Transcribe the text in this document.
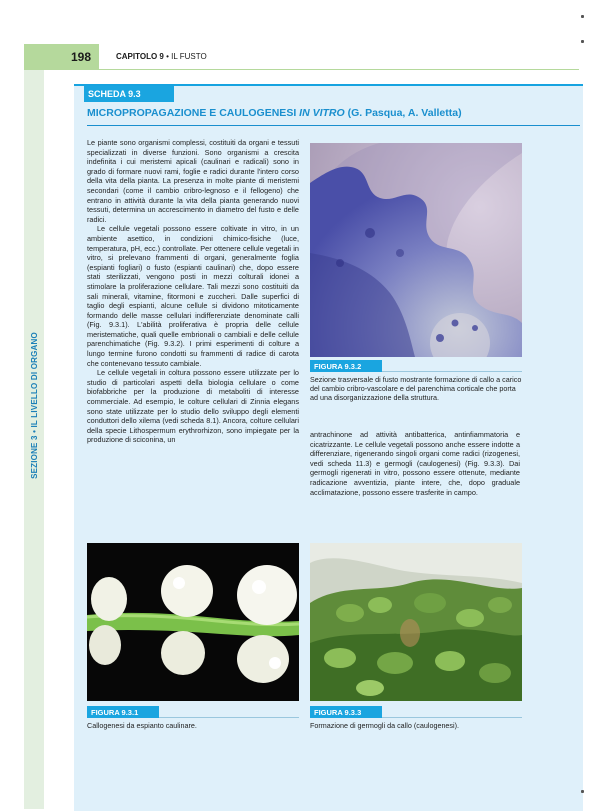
SEZIONE 3 • IL LIVELLO DI ORGANO
198	CAPITOLO 9 • IL FUSTO
SCHEDA 9.3
MICROPROPAGAZIONE E CAULOGENESI IN VITRO (G. Pasqua, A. Valletta)

Le piante sono organismi complessi, costituiti da organi e tessuti specializzati in diverse funzioni. Sono organismi a crescita indefinita i cui meristemi apicali (caulinari e radicali) sono in grado di formare nuovi rami, foglie e radici durante l'intero corso della vita della pianta. La presenza in molte piante di meristemi secondari (come il cambio cribro-legnoso e il fellogeno) che entrano in attività durante la vita della pianta generando nuovi tessuti, determina un accrescimento in diametro del fusto e delle radici.

Le cellule vegetali possono essere coltivate in vitro, in un ambiente asettico, in condizioni chimico-fisiche (luce, temperatura, pH, ecc.) controllate. Per ottenere cellule vegetali in vitro, si prelevano frammenti di organi, generalmente foglia (espianti fogliari) o fusto (espianti caulinari) che, dopo essere stati sterilizzati, vengono posti in mezzi colturali idonei a stimolare la proliferazione cellulare. Tali mezzi sono costituiti da sali minerali, vitamine, fitormoni e zuccheri. Dalle superfici di taglio degli espianti, alcune cellule si dividono mitoticamente formando delle masse cellulari indifferenziate denominate calli (Fig. 9.3.1). L'abilità proliferativa è propria delle cellule meristematiche, quali quelle embrionali o cambiali e delle cellule parenchimatiche (Fig. 9.3.2). I primi esperimenti di colture a lungo termine furono condotti su frammenti di radice di carota che contenevano tessuto cambiale.

Le cellule vegetali in coltura possono essere utilizzate per lo studio di particolari aspetti della biologia cellulare o come biofabbriche per la produzione di metaboliti di interesse commerciale. Ad esempio, le colture cellulari di Zinnia elegans sono state utilizzate per lo studio dello sviluppo degli elementi conduttori dello xilema (vedi scheda 8.1). Ancora, colture cellulari della specie Lithospermum erythrorhizon, sono impiegate per la produzione di sciconina, un

antrachinone ad attività antibatterica, antinfiammatoria e cicatrizzante. Le cellule vegetali possono anche essere indotte a differenziare, rigenerando singoli organi come radici (rizogenesi, vedi scheda 11.3) e germogli (caulogenesi) (Fig. 9.3.3). Dai germogli rigenerati in vitro, possono essere ottenute, mediante radicazione avventizia, piante intere, che, dopo graduale acclimatazione, possono essere trasferite in campo.

FIGURA 9.3.2
Sezione trasversale di fusto mostrante formazione di callo a carico del cambio cribro-vascolare e del parenchima corticale che porta ad una disorganizzazione della struttura.
FIGURA 9.3.1
Callogenesi da espianto caulinare.
FIGURA 9.3.3
Formazione di germogli da callo (caulogenesi).
